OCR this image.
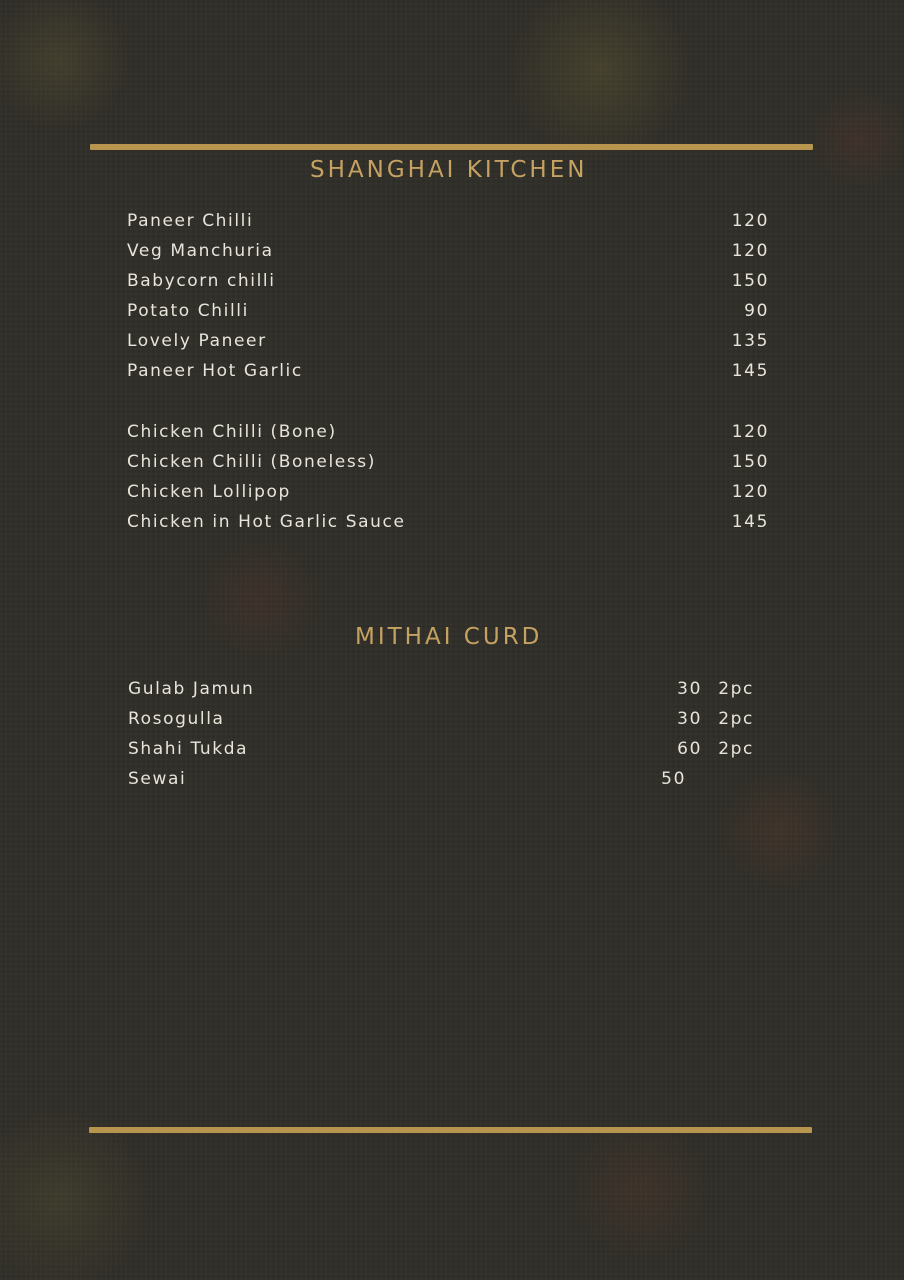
SHANGHAI KITCHEN
Paneer Chilli	120
Veg Manchuria	120
Babycorn chilli	150
Potato Chilli	90
Lovely Paneer	135
Paneer Hot Garlic	145
Chicken Chilli (Bone)	120
Chicken Chilli (Boneless)	150
Chicken Lollipop	120
Chicken in Hot Garlic Sauce	145
MITHAI CURD
Gulab Jamun	30 2pc
Rosogulla	30 2pc
Shahi Tukda	60 2pc
Sewai	50
